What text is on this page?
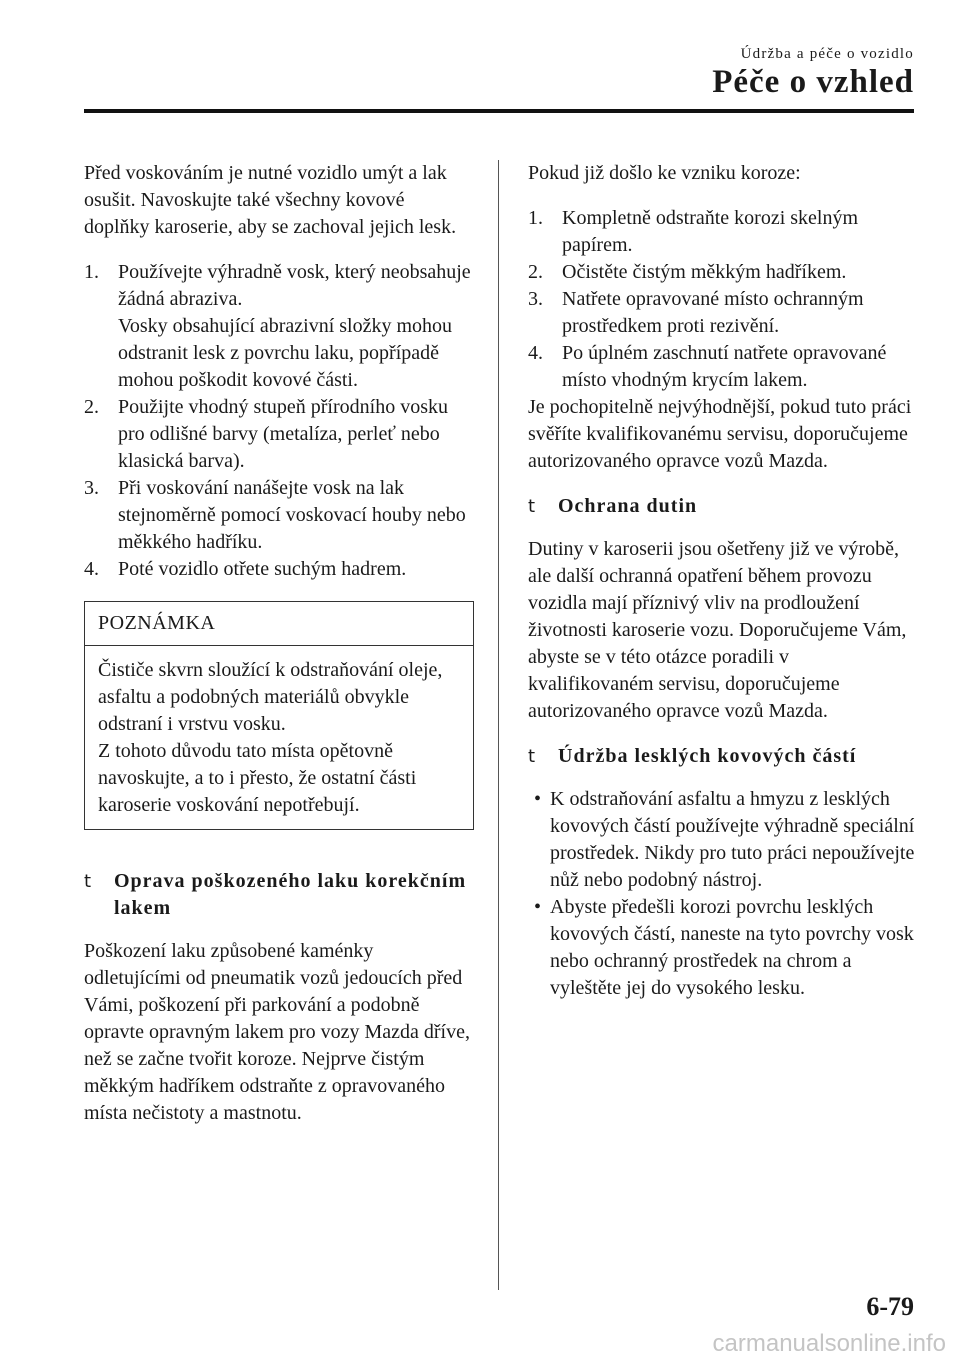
Údržba a péče o vozidlo
Péče o vzhled

Před voskováním je nutné vozidlo umýt a lak osušit. Navoskujte také všechny kovové doplňky karoserie, aby se zachoval jejich lesk.

1. Používejte výhradně vosk, který neobsahuje žádná abraziva.
Vosky obsahující abrazivní složky mohou odstranit lesk z povrchu laku, popřípadě mohou poškodit kovové části.
2. Použijte vhodný stupeň přírodního vosku pro odlišné barvy (metalíza, perleť nebo klasická barva).
3. Při voskování nanášejte vosk na lak stejnoměrně pomocí voskovací houby nebo měkkého hadříku.
4. Poté vozidlo otřete suchým hadrem.
POZNÁMKA

Čističe skvrn sloužící k odstraňování oleje, asfaltu a podobných materiálů obvykle odstraní i vrstvu vosku.

Z tohoto důvodu tato místa opětovně navoskujte, a to i přesto, že ostatní části karoserie voskování nepotřebují.

t Oprava poškozeného laku korekčním lakem

Poškození laku způsobené kaménky odletujícími od pneumatik vozů jedoucích před Vámi, poškození při parkování a podobně opravte opravným lakem pro vozy Mazda dříve, než se začne tvořit koroze. Nejprve čistým měkkým hadříkem odstraňte z opravovaného místa nečistoty a mastnotu.

Pokud již došlo ke vzniku koroze:

1. Kompletně odstraňte korozi skelným papírem.
2. Očistěte čistým měkkým hadříkem.
3. Natřete opravované místo ochranným prostředkem proti rezivění.
4. Po úplném zaschnutí natřete opravované místo vhodným krycím lakem.

Je pochopitelně nejvýhodnější, pokud tuto práci svěříte kvalifikovanému servisu, doporučujeme autorizovaného opravce vozů Mazda.

t Ochrana dutin

Dutiny v karoserii jsou ošetřeny již ve výrobě, ale další ochranná opatření během provozu vozidla mají příznivý vliv na prodloužení životnosti karoserie vozu. Doporučujeme Vám, abyste se v této otázce poradili v kvalifikovaném servisu, doporučujeme autorizovaného opravce vozů Mazda.

t Údržba lesklých kovových částí
• K odstraňování asfaltu a hmyzu z lesklých kovových částí používejte výhradně speciální prostředek. Nikdy pro tuto práci nepoužívejte nůž nebo podobný nástroj.
• Abyste předešli korozi povrchu lesklých kovových částí, naneste na tyto povrchy vosk nebo ochranný prostředek na chrom a vyleštěte jej do vysokého lesku.
6-79
carmanualsonline.info
